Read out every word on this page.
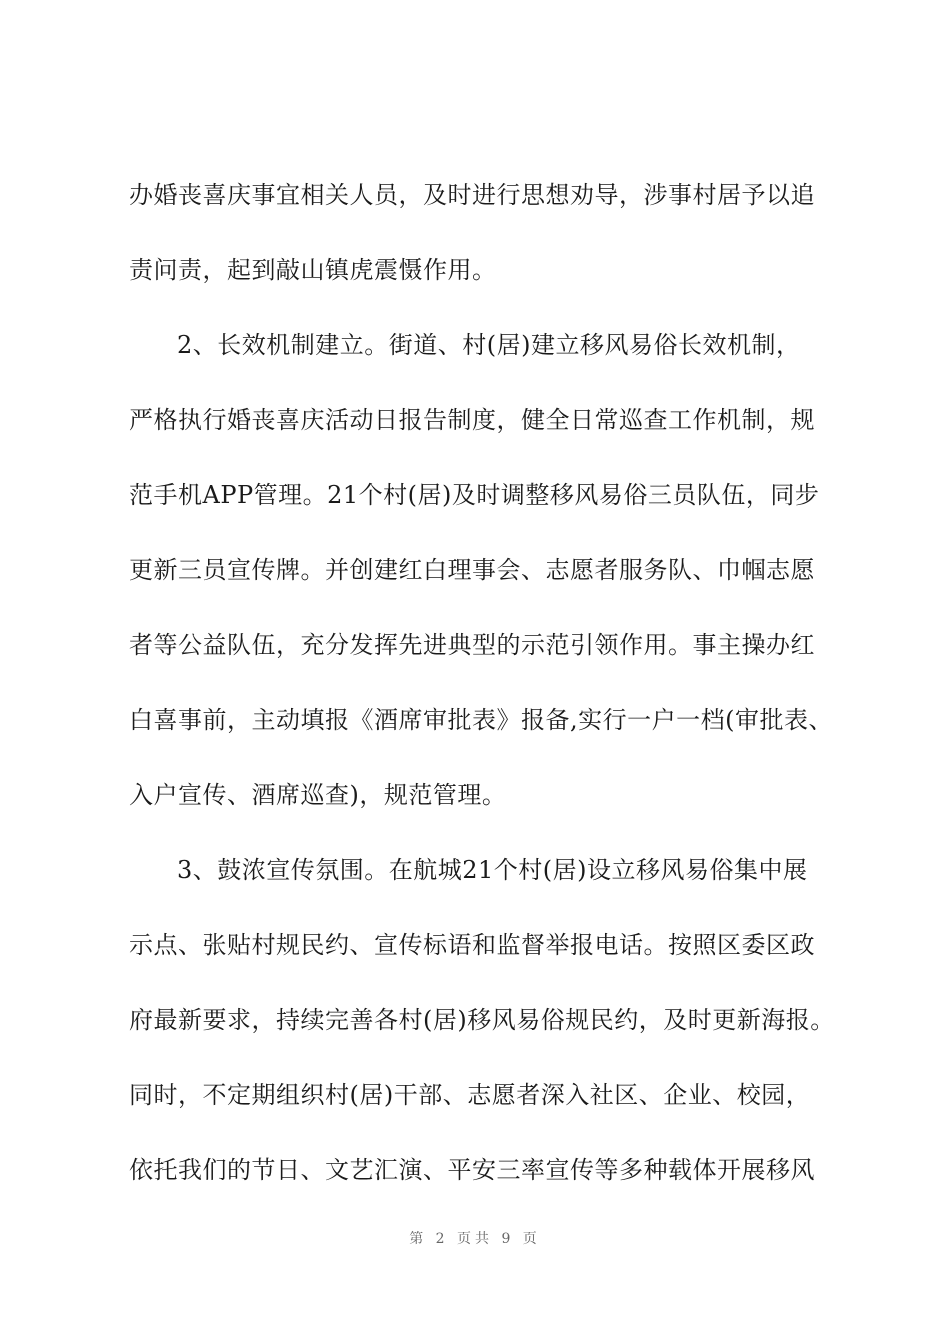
办婚丧喜庆事宜相关人员，及时进行思想劝导，涉事村居予以追
责问责，起到敲山镇虎震慑作用。
2、长效机制建立。街道、村(居)建立移风易俗长效机制，
严格执行婚丧喜庆活动日报告制度，健全日常巡查工作机制，规
范手机APP管理。21个村(居)及时调整移风易俗三员队伍，同步
更新三员宣传牌。并创建红白理事会、志愿者服务队、巾帼志愿
者等公益队伍，充分发挥先进典型的示范引领作用。事主操办红
白喜事前，主动填报《酒席审批表》报备,实行一户一档(审批表、
入户宣传、酒席巡查)，规范管理。
3、鼓浓宣传氛围。在航城21个村(居)设立移风易俗集中展
示点、张贴村规民约、宣传标语和监督举报电话。按照区委区政
府最新要求，持续完善各村(居)移风易俗规民约，及时更新海报。
同时，不定期组织村(居)干部、志愿者深入社区、企业、校园，
依托我们的节日、文艺汇演、平安三率宣传等多种载体开展移风
第 2 页共 9 页
